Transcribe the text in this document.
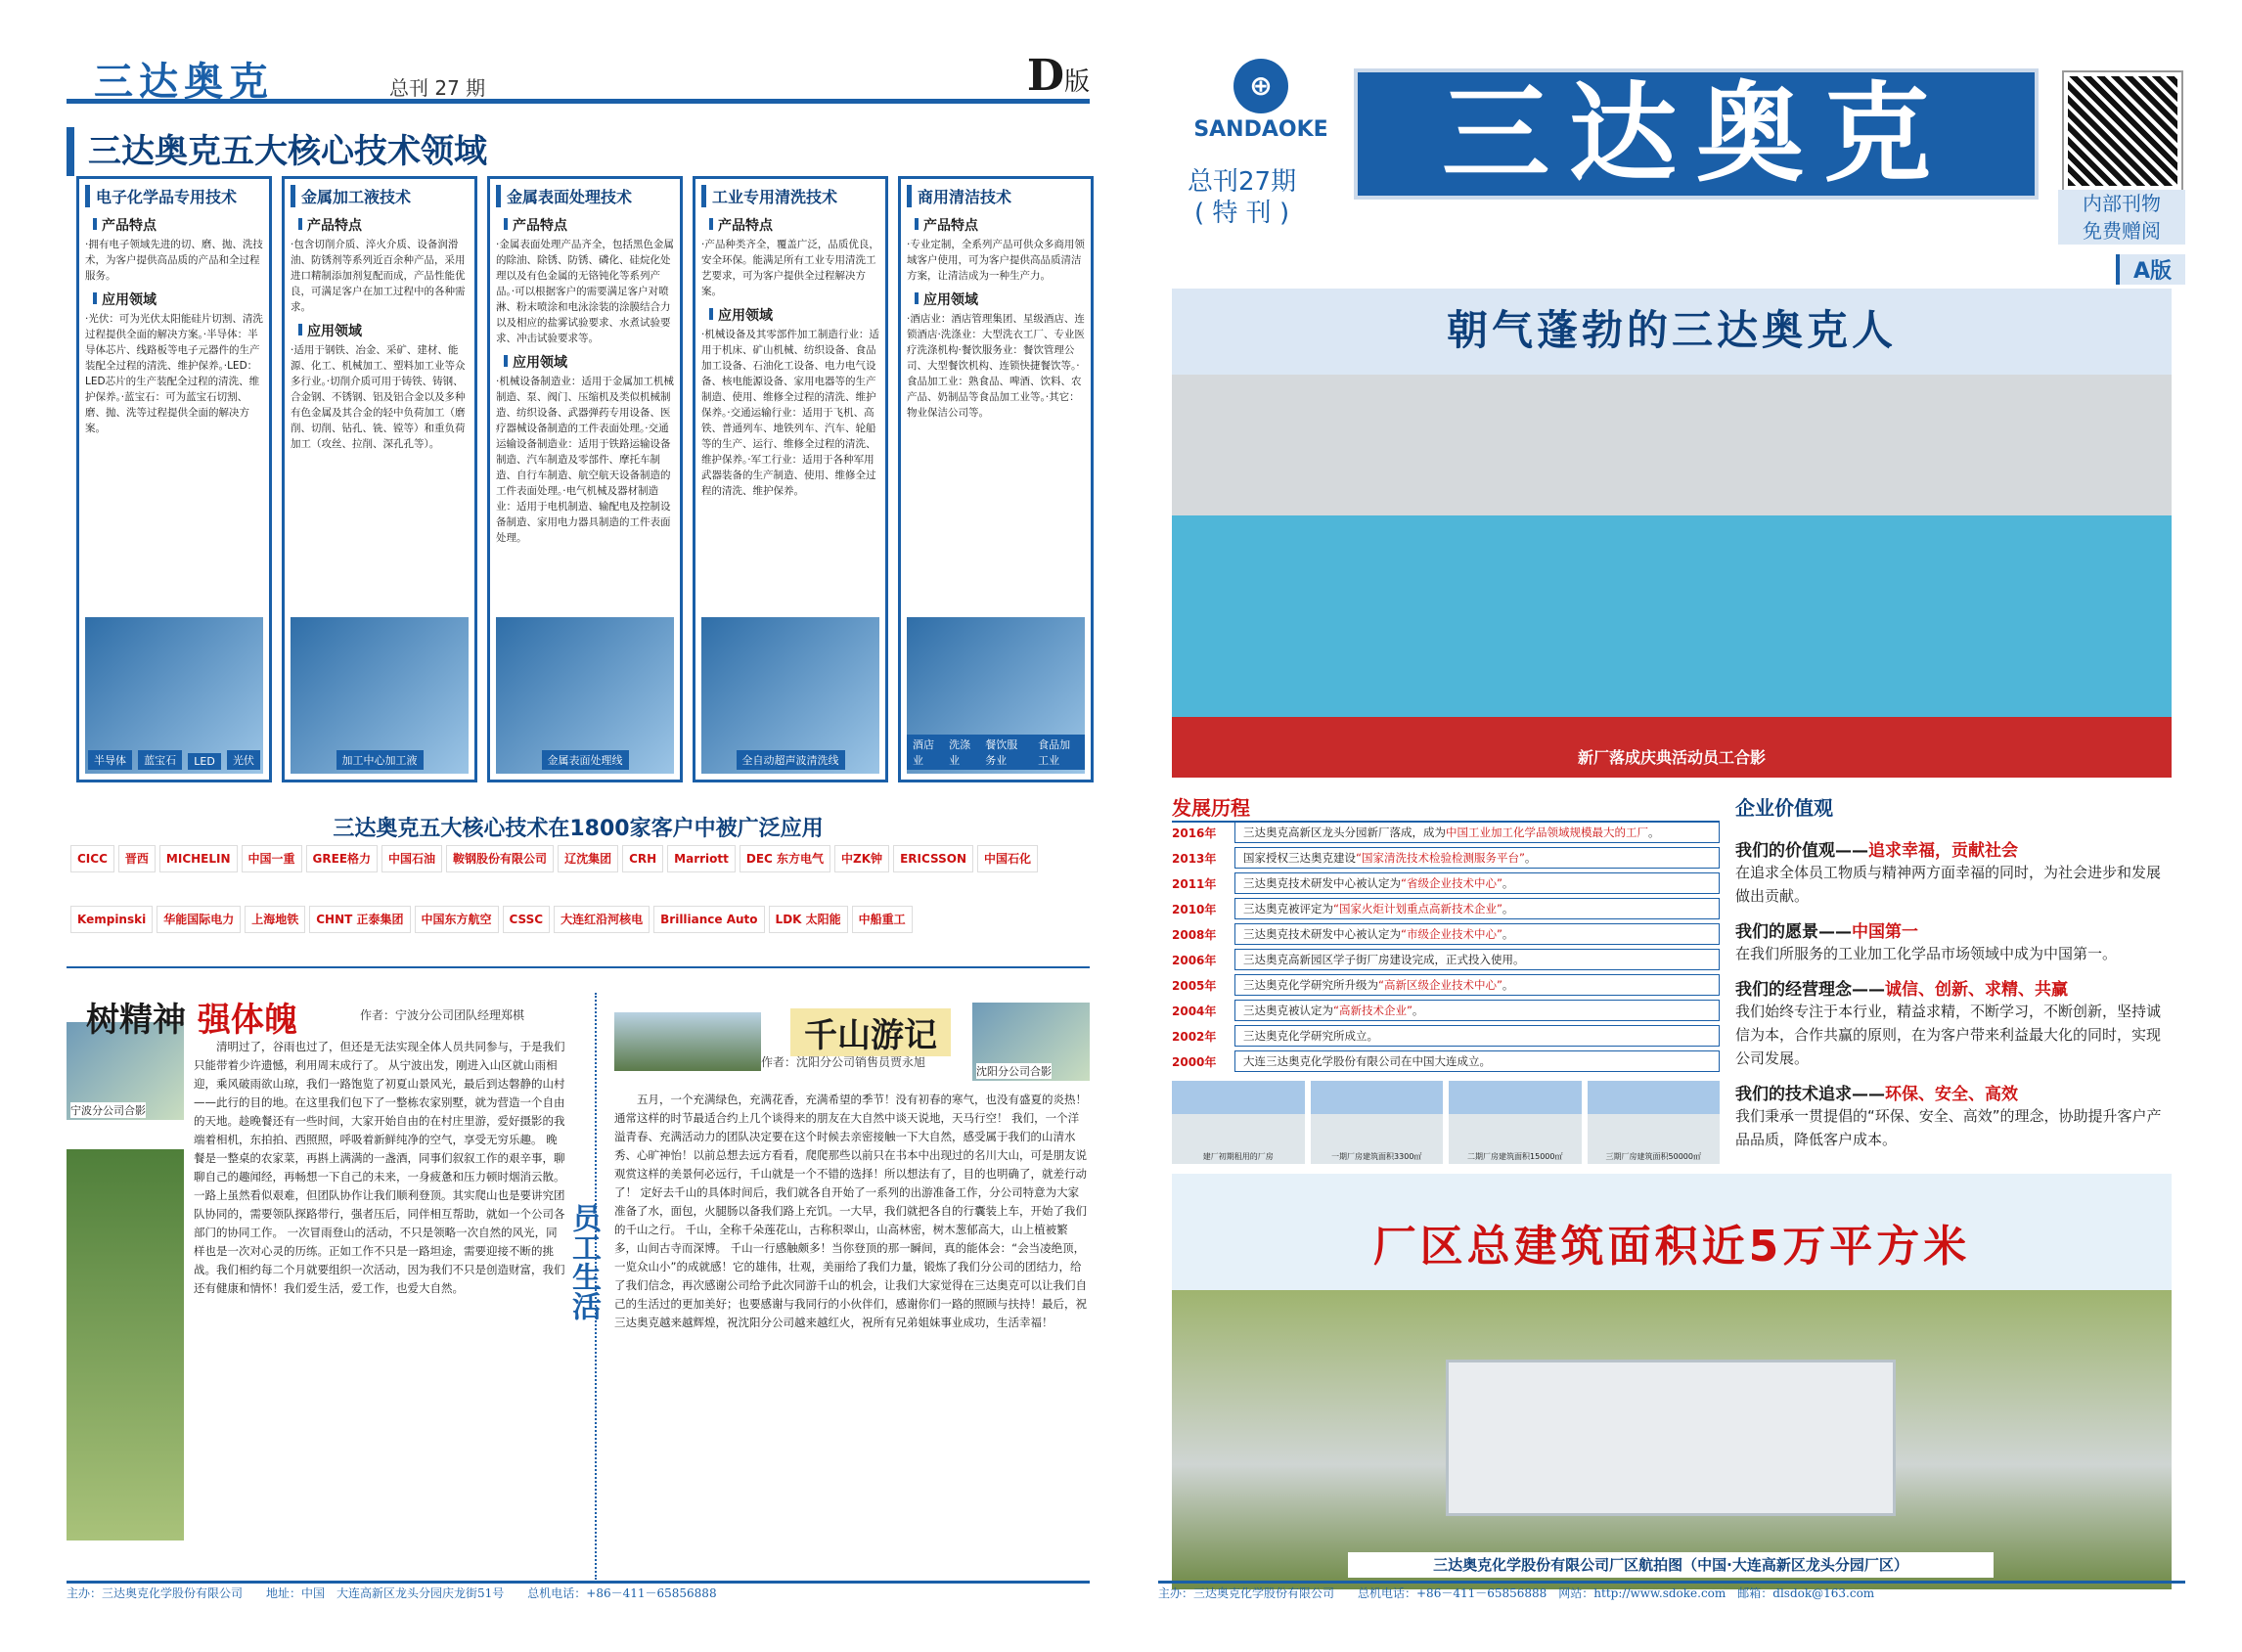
三达奥克	总刊 27 期	D版
三达奥克五大核心技术领域
电子化学品专用技术
产品特点
·拥有电子领域先进的切、磨、抛、洗技术，为客户提供高品质的产品和全过程服务。
应用领域
·光伏：可为光伏太阳能硅片切割、清洗过程提供全面的解决方案。·半导体：半导体芯片、线路板等电子元器件的生产装配全过程的清洗、维护保养。·LED：LED芯片的生产装配全过程的清洗、维护保养。·蓝宝石：可为蓝宝石切割、磨、抛、洗等过程提供全面的解决方案。
半导体	蓝宝石	LED	光伏
金属加工液技术
产品特点
·包含切削介质、淬火介质、设备润滑油、防锈剂等系列近百余种产品，采用进口精制添加剂复配而成，产品性能优良，可满足客户在加工过程中的各种需求。
应用领域
·适用于钢铁、冶金、采矿、建材、能源、化工、机械加工、塑料加工业等众多行业。·切削介质可用于铸铁、铸钢、合金钢、不锈钢、铝及铝合金以及多种有色金属及其合金的轻中负荷加工（磨削、切削、钻孔、铣、镗等）和重负荷加工（攻丝、拉削、深孔孔等）。
加工中心加工液
金属表面处理技术
产品特点
·金属表面处理产品齐全，包括黑色金属的除油、除锈、防锈、磷化、硅烷化处理以及有色金属的无铬钝化等系列产品。·可以根据客户的需要满足客户对喷淋、粉末喷涂和电泳涂装的涂膜结合力以及相应的盐雾试验要求、水煮试验要求、冲击试验要求等。
应用领域
·机械设备制造业：适用于金属加工机械制造、泵、阀门、压缩机及类似机械制造、纺织设备、武器弹药专用设备、医疗器械设备制造的工件表面处理。·交通运输设备制造业：适用于铁路运输设备制造、汽车制造及零部件、摩托车制造、自行车制造、航空航天设备制造的工件表面处理。·电气机械及器材制造业：适用于电机制造、输配电及控制设备制造、家用电力器具制造的工件表面处理。
金属表面处理线
工业专用清洗技术
产品特点
·产品种类齐全，覆盖广泛，品质优良，安全环保。能满足所有工业专用清洗工艺要求，可为客户提供全过程解决方案。
应用领域
·机械设备及其零部件加工制造行业：适用于机床、矿山机械、纺织设备、食品加工设备、石油化工设备、电力电气设备、核电能源设备、家用电器等的生产制造、使用、维修全过程的清洗、维护保养。·交通运输行业：适用于飞机、高铁、普通列车、地铁列车、汽车、轮船等的生产、运行、维修全过程的清洗、维护保养。·军工行业：适用于各种军用武器装备的生产制造、使用、维修全过程的清洗、维护保养。
全自动超声波清洗线
商用清洁技术
产品特点
·专业定制，全系列产品可供众多商用领域客户使用，可为客户提供高品质清洁方案，让清洁成为一种生产力。
应用领域
·酒店业：酒店管理集团、星级酒店、连锁酒店·洗涤业：大型洗衣工厂、专业医疗洗涤机构·餐饮服务业：餐饮管理公司、大型餐饮机构、连锁快捷餐饮等。·食品加工业：熟食品、啤酒、饮料、农产品、奶制品等食品加工业等。·其它：物业保洁公司等。
酒店业
洗涤业
餐饮服务业
食品加工业
三达奥克五大核心技术在1800家客户中被广泛应用
CICC	晋西	MICHELIN	中国一重	GREE格力	中国石油	鞍钢股份有限公司	辽沈集团	CRH	Marriott	DEC 东方电气	中ZK钟	ERICSSON	中国石化
Kempinski	华能国际电力	上海地铁	CHNT 正泰集团	中国东方航空	CSSC	大连红沿河核电	Brilliance Auto	LDK 太阳能	中船重工
宁波分公司合影
树精神 强体魄	作者：宁波分公司团队经理郑棋
清明过了，谷雨也过了，但还是无法实现全体人员共同参与，于是我们只能带着少许遗憾，利用周末成行了。 从宁波出发，刚进入山区就山雨相迎，乘风破雨欲山琼，我们一路饱览了初夏山景风光，最后到达磐静的山村——此行的目的地。在这里我们包下了一整栋农家别墅，就为营造一个自由的天地。趁晚餐还有一些时间，大家开始自由的在村庄里游，爱好摄影的我端着相机，东拍拍、西照照，呼吸着新鲜纯净的空气，享受无穷乐趣。 晚餐是一整桌的农家菜，再斟上满满的一盏酒，同事们叙叙工作的艰辛事，聊聊自己的趣闻经，再畅想一下自己的未来，一身疲惫和压力顿时烟消云散。 一路上虽然看似艰难，但团队协作让我们顺利登顶。其实爬山也是要讲究团队协同的，需要领队探路带行，强者压后，同伴相互帮助，就如一个公司各部门的协同工作。 一次冒雨登山的活动，不只是领略一次自然的风光，同样也是一次对心灵的历练。正如工作不只是一路坦途，需要迎接不断的挑战。我们相约每二个月就要组织一次活动，因为我们不只是创造财富，我们还有健康和情怀！我们爱生活，爱工作，也爱大自然。	员工生活
千山游记
作者：沈阳分公司销售员贾永旭
沈阳分公司合影
五月，一个充满绿色，充满花香，充满希望的季节！没有初春的寒气，也没有盛夏的炎热！通常这样的时节最适合约上几个谈得来的朋友在大自然中谈天说地，天马行空！ 我们，一个洋溢青春、充满活动力的团队决定要在这个时候去亲密接触一下大自然，感受属于我们的山清水秀、心旷神怡！以前总想去远方看看，爬爬那些以前只在书本中出现过的名川大山，可是朋友说观赏这样的美景何必远行，千山就是一个不错的选择！所以想法有了，目的也明确了，就差行动了！ 定好去千山的具体时间后，我们就各自开始了一系列的出游准备工作，分公司特意为大家准备了水，面包，火腿肠以备我们路上充饥。一大早，我们就把各自的行囊装上车，开始了我们的千山之行。 千山，全称千朵莲花山，古称积翠山，山高林密，树木葱郁高大，山上植被繁多，山间古寺而深博。 千山一行感触颇多！当你登顶的那一瞬间，真的能体会：“会当凌绝顶，一览众山小”的成就感！它的雄伟，壮观，美丽给了我们力量，锻炼了我们分公司的团结力，给了我们信念，再次感谢公司给予此次同游千山的机会，让我们大家觉得在三达奥克可以让我们自己的生活过的更加美好；也要感谢与我同行的小伙伴们，感谢你们一路的照顾与扶持！最后，祝三达奥克越来越辉煌，祝沈阳分公司越来越红火，祝所有兄弟姐妹事业成功，生活幸福！
主办：三达奥克化学股份有限公司　　地址：中国　大连高新区龙头分园庆龙街51号　　总机电话：+86－411－65856888
⊕
SANDAOKE
总刊27期
( 特 刊 )
三达奥克
内部刊物
免费赠阅
A版
朝气蓬勃的三达奥克人
新厂落成庆典活动员工合影
发展历程
2016年	三达奥克高新区龙头分园新厂落成，成为中国工业加工化学品领域规模最大的工厂。
2013年	国家授权三达奥克建设“国家清洗技术检验检测服务平台”。
2011年	三达奥克技术研发中心被认定为“省级企业技术中心”。
2010年	三达奥克被评定为“国家火炬计划重点高新技术企业”。
2008年	三达奥克技术研发中心被认定为“市级企业技术中心”。
2006年	三达奥克高新园区学子街厂房建设完成，正式投入使用。
2005年	三达奥克化学研究所升级为“高新区级企业技术中心”。
2004年	三达奥克被认定为“高新技术企业”。
2002年	三达奥克化学研究所成立。
2000年	大连三达奥克化学股份有限公司在中国大连成立。
建厂初期租用的厂房	一期厂房建筑面积3300㎡	二期厂房建筑面积15000㎡	三期厂房建筑面积50000㎡
企业价值观
我们的价值观——追求幸福，贡献社会
在追求全体员工物质与精神两方面幸福的同时，为社会进步和发展做出贡献。
我们的愿景——中国第一
在我们所服务的工业加工化学品市场领域中成为中国第一。
我们的经营理念——诚信、创新、求精、共赢
我们始终专注于本行业，精益求精，不断学习，不断创新，坚持诚信为本，合作共赢的原则，在为客户带来利益最大化的同时，实现公司发展。
我们的技术追求——环保、安全、高效
我们秉承一贯提倡的“环保、安全、高效”的理念，协助提升客户产品品质，降低客户成本。
厂区总建筑面积近5万平方米
三达奥克化学股份有限公司厂区航拍图（中国·大连高新区龙头分园厂区）
主办：三达奥克化学股份有限公司　　总机电话：+86－411－65856888　网站：http://www.sdoke.com　邮箱：dlsdok@163.com
